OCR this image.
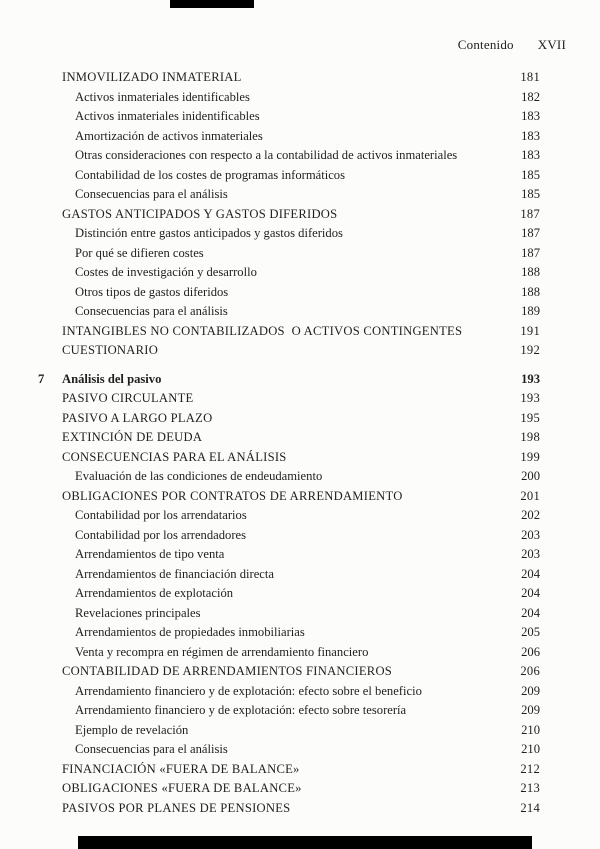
Contenido XVII
INMOVILIZADO INMATERIAL	181
Activos inmateriales identificables	182
Activos inmateriales inidentificables	183
Amortización de activos inmateriales	183
Otras consideraciones con respecto a la contabilidad de activos inmateriales	183
Contabilidad de los costes de programas informáticos	185
Consecuencias para el análisis	185
GASTOS ANTICIPADOS Y GASTOS DIFERIDOS	187
Distinción entre gastos anticipados y gastos diferidos	187
Por qué se difieren costes	187
Costes de investigación y desarrollo	188
Otros tipos de gastos diferidos	188
Consecuencias para el análisis	189
INTANGIBLES NO CONTABILIZADOS  O ACTIVOS CONTINGENTES	191
CUESTIONARIO	192
7	Análisis del pasivo	193
PASIVO CIRCULANTE	193
PASIVO A LARGO PLAZO	195
EXTINCIÓN DE DEUDA	198
CONSECUENCIAS PARA EL ANÁLISIS	199
Evaluación de las condiciones de endeudamiento	200
OBLIGACIONES POR CONTRATOS DE ARRENDAMIENTO	201
Contabilidad por los arrendatarios	202
Contabilidad por los arrendadores	203
Arrendamientos de tipo venta	203
Arrendamientos de financiación directa	204
Arrendamientos de explotación	204
Revelaciones principales	204
Arrendamientos de propiedades inmobiliarias	205
Venta y recompra en régimen de arrendamiento financiero	206
CONTABILIDAD DE ARRENDAMIENTOS FINANCIEROS	206
Arrendamiento financiero y de explotación: efecto sobre el beneficio	209
Arrendamiento financiero y de explotación: efecto sobre tesorería	209
Ejemplo de revelación	210
Consecuencias para el análisis	210
FINANCIACIÓN «FUERA DE BALANCE»	212
OBLIGACIONES «FUERA DE BALANCE»	213
PASIVOS POR PLANES DE PENSIONES	214
